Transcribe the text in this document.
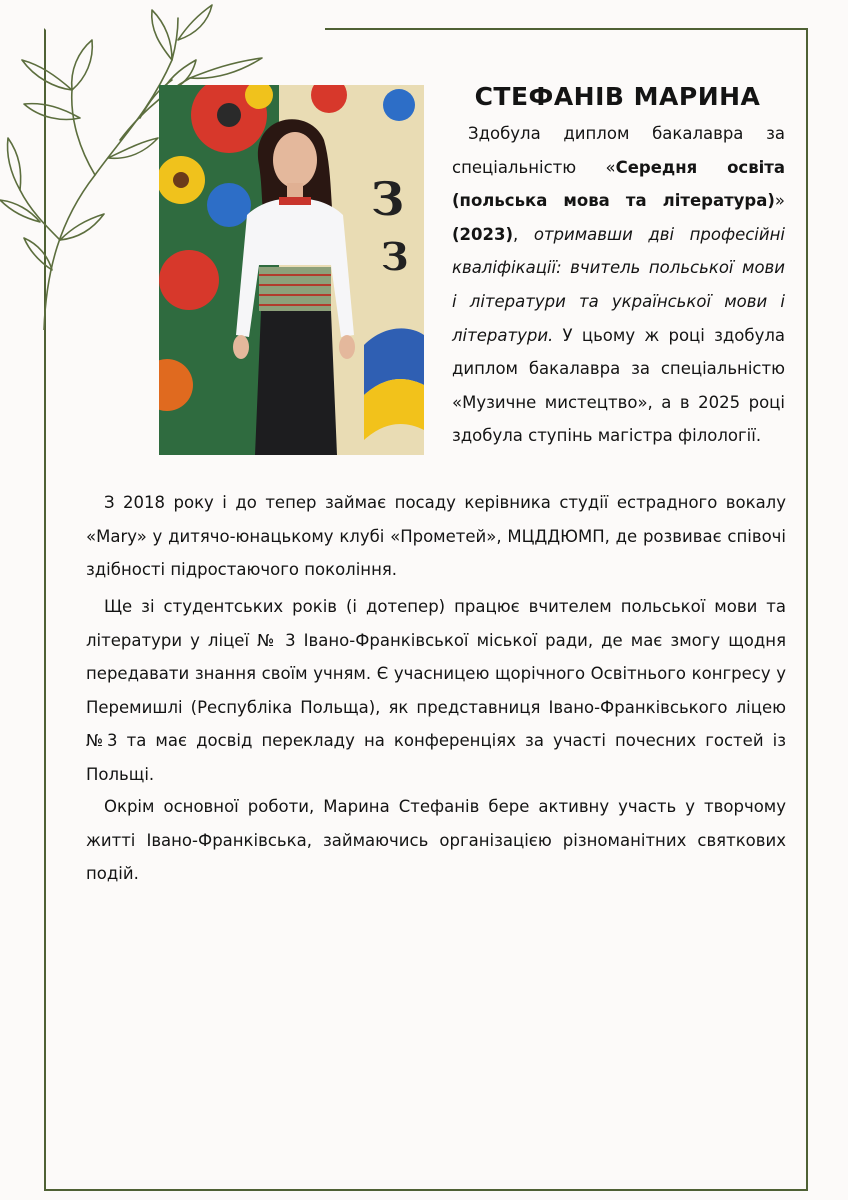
З
З
СТЕФАНІВ МАРИНА

Здобула диплом бакалавра за спеціальністю «Середня освіта (польська мова та література)» (2023), отримавши дві професійні кваліфікації: вчитель польської мови і літератури та української мови і літератури. У цьому ж році здобула диплом бакалавра за спеціальністю «Музичне мистецтво», а в 2025 році здобула ступінь магістра філології.

З 2018 року і до тепер займає посаду керівника студії естрадного вокалу «Mary» у дитячо-юнацькому клубі «Прометей», МЦДДЮМП, де розвиває співочі здібності підростаючого покоління.

Ще зі студентських років (і дотепер) працює вчителем польської мови та літератури у ліцеї № 3 Івано-Франківської міської ради, де має змогу щодня передавати знання своїм учням. Є учасницею щорічного Освітнього конгресу у Перемишлі (Республіка Польща), як представниця Івано-Франківського ліцею №3 та має досвід перекладу на конференціях за участі почесних гостей із Польщі.

Окрім основної роботи, Марина Стефанів бере активну участь у творчому житті Івано-Франківська, займаючись організацією різноманітних святкових подій.
